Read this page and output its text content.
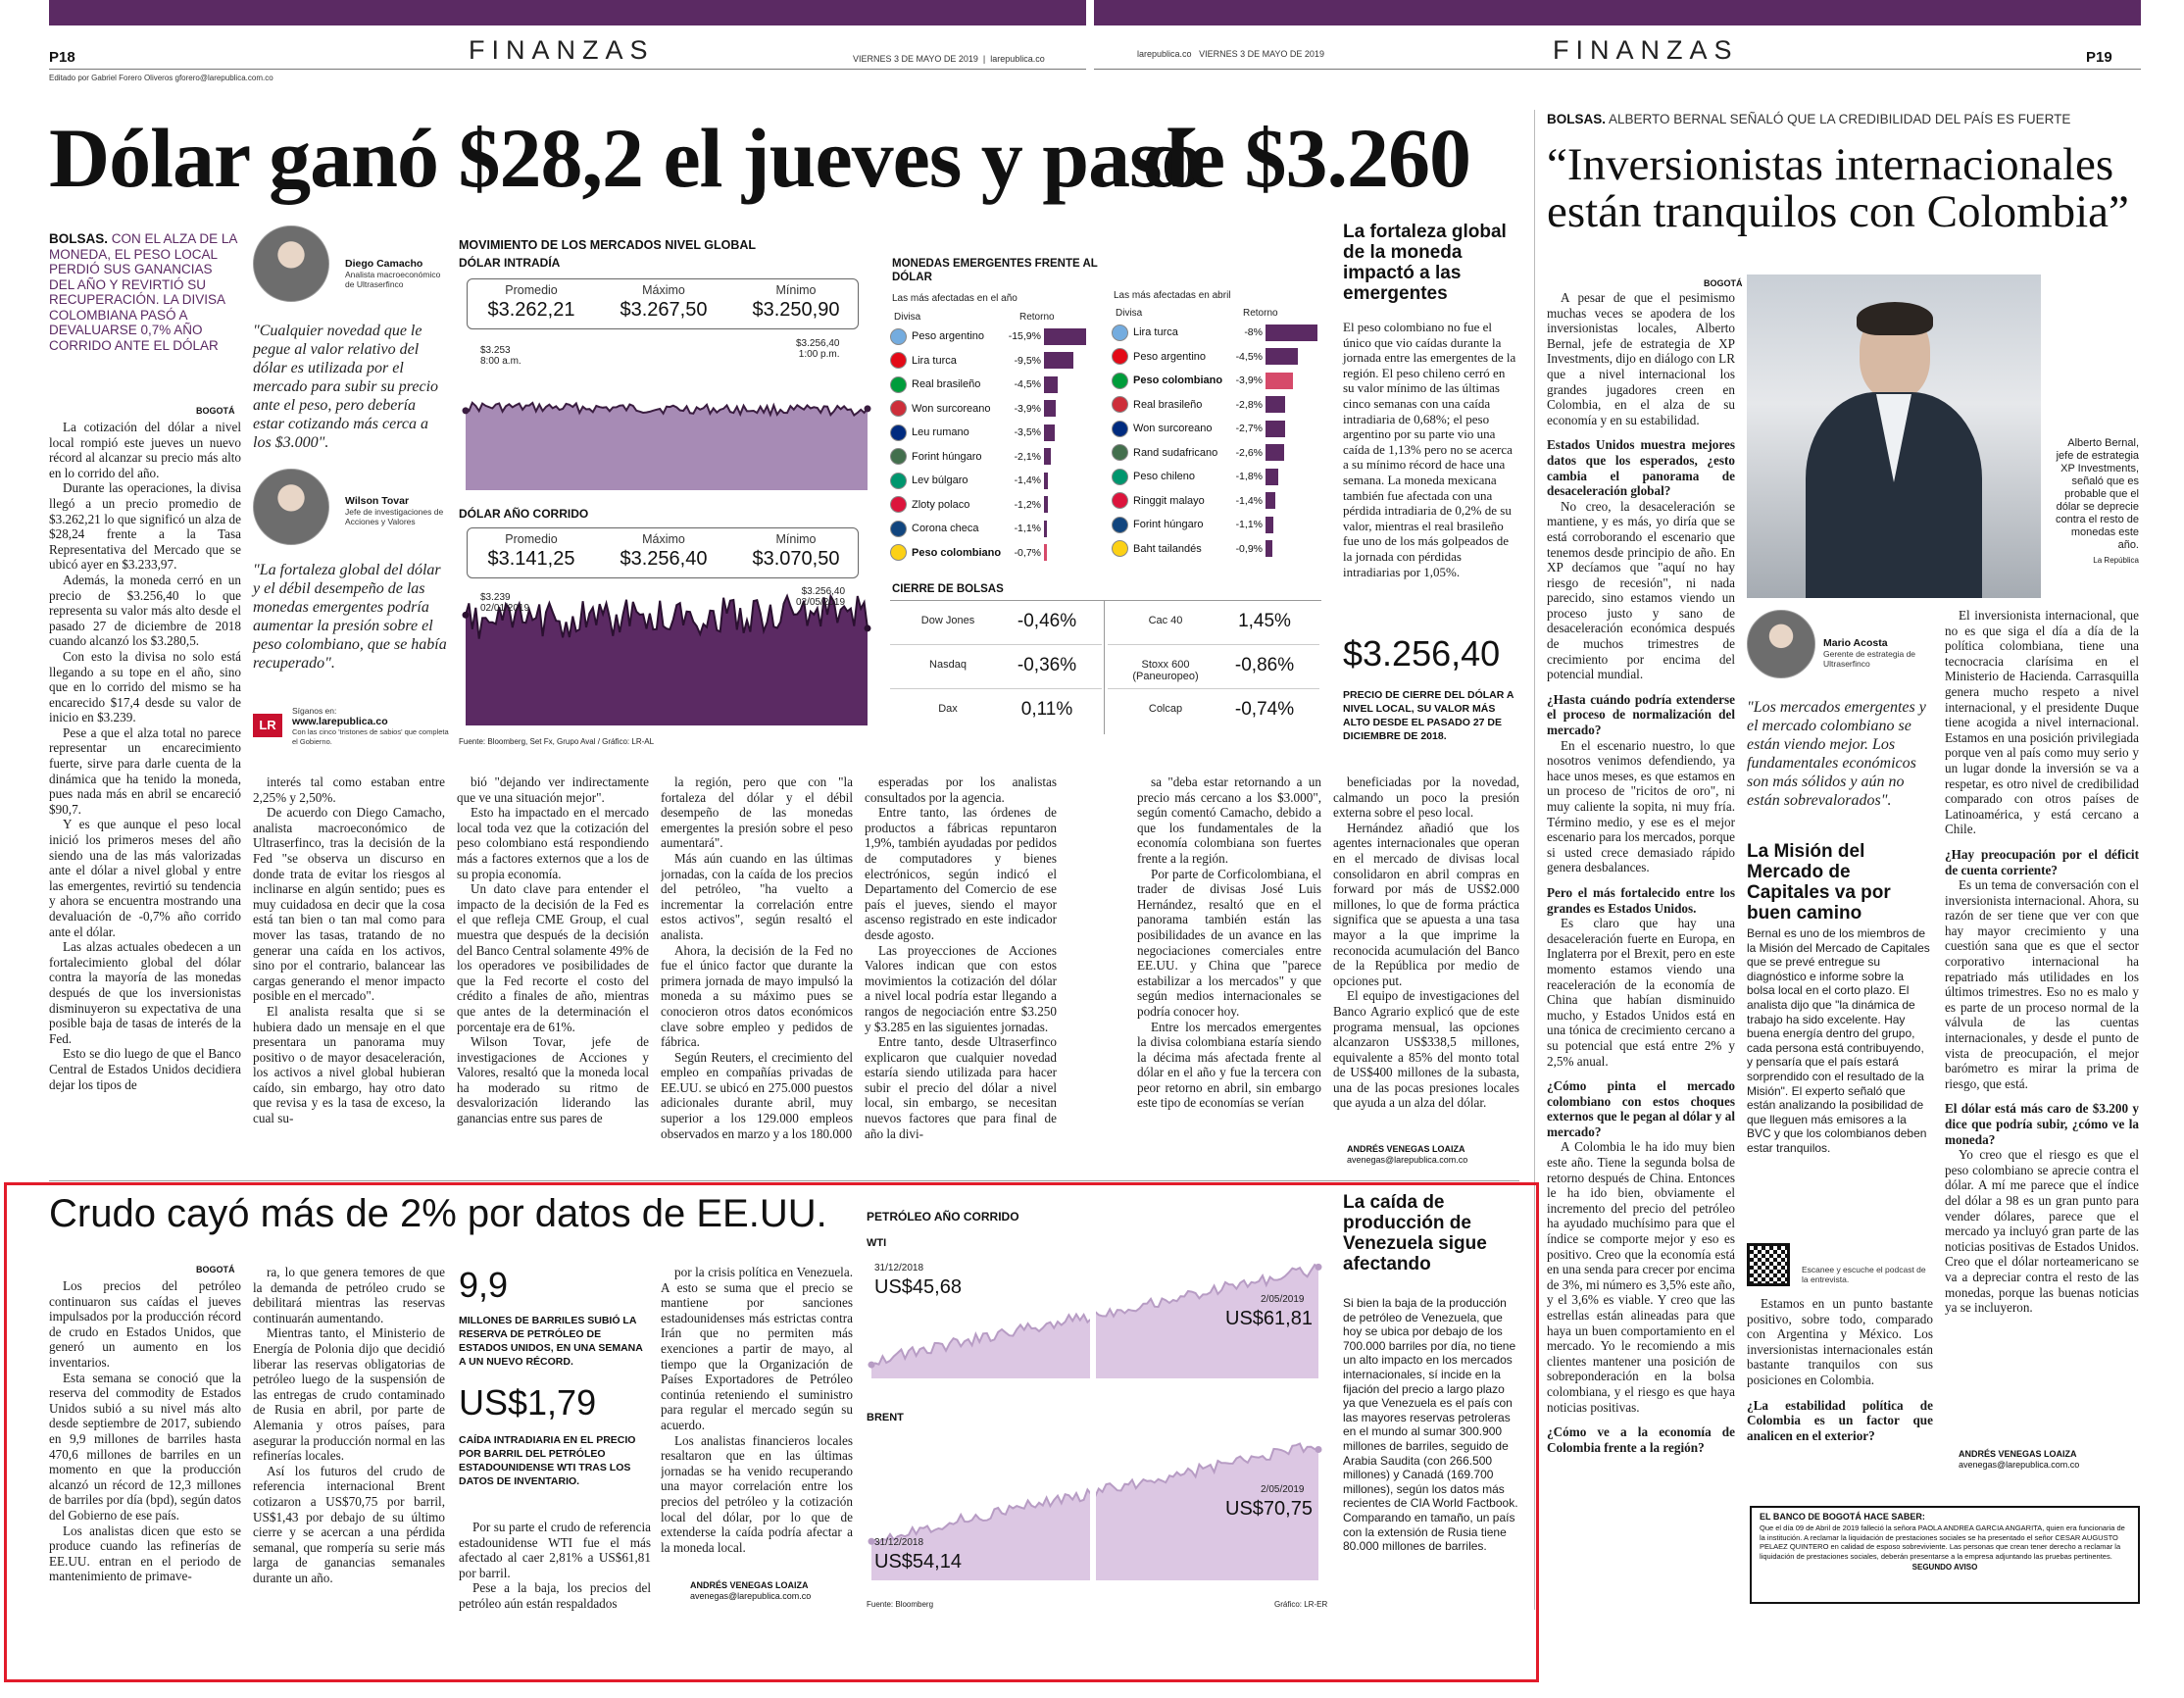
P18	FINANZAS	VIERNES 3 DE MAYO DE 2019  |  larepublica.co
Editado por Gabriel Forero Oliveros gforero@larepublica.com.co
larepublica.co VIERNES 3 DE MAYO DE 2019	FINANZAS	P19
Dólar ganó $28,2 el jueves y pasó
de $3.260
BOLSAS. CON EL ALZA DE LA MONEDA, EL PESO LOCAL PERDIÓ SUS GANANCIAS DEL AÑO Y REVIRTIÓ SU RECUPERACIÓN. LA DIVISA COLOMBIANA PASÓ A DEVALUARSE 0,7% AÑO CORRIDO ANTE EL DÓLAR
Diego Camacho
Analista macroeconómico de Ultraserfinco
"Cualquier novedad que le pegue al valor relativo del dólar es utilizada por el mercado para subir su precio ante el peso, pero debería estar cotizando más cerca a los $3.000".
Wilson Tovar
Jefe de investigaciones de Acciones y Valores
"La fortaleza global del dólar y el débil desempeño de las monedas emergentes podría aumentar la presión sobre el peso colombiano, que se había recuperado".
Síganos en:
LR	www.larepublica.co
Con las cinco 'tristones de sabios' que completa el Gobierno.
BOGOTÁ

La cotización del dólar a nivel local rompió este jueves un nuevo récord al alcanzar su precio más alto en lo corrido del año.

Durante las operaciones, la divisa llegó a un precio promedio de $3.262,21 lo que significó un alza de $28,24 frente a la Tasa Representativa del Mercado que se ubicó ayer en $3.233,97.

Además, la moneda cerró en un precio de $3.256,40 lo que representa su valor más alto desde el pasado 27 de diciembre de 2018 cuando alcanzó los $3.280,5.

Con esto la divisa no solo está llegando a su tope en el año, sino que en lo corrido del mismo se ha encarecido $17,4 desde su valor de inicio en $3.239.

Pese a que el alza total no parece representar un encarecimiento fuerte, sirve para darle cuenta de la dinámica que ha tenido la moneda, pues nada más en abril se encareció $90,7.

Y es que aunque el peso local inició los primeros meses del año siendo una de las más valorizadas ante el dólar a nivel global y entre las emergentes, revirtió su tendencia y ahora se encuentra mostrando una devaluación de -0,7% año corrido ante el dólar.

Las alzas actuales obedecen a un fortalecimiento global del dólar contra la mayoría de las monedas después de que los inversionistas disminuyeron su expectativa de una posible baja de tasas de interés de la Fed.

Esto se dio luego de que el Banco Central de Estados Unidos decidiera dejar los tipos de

interés tal como estaban entre 2,25% y 2,50%.

De acuerdo con Diego Camacho, analista macroeconómico de Ultraserfinco, tras la decisión de la Fed "se observa un discurso en donde trata de evitar los riesgos al inclinarse en algún sentido; pues es muy cuidadosa en decir que la cosa está tan bien o tan mal como para mover las tasas, tratando de no generar una caída en los activos, sino por el contrario, balancear las cargas generando el menor impacto posible en el mercado".

El analista resalta que si se hubiera dado un mensaje en el que presentara un panorama muy positivo o de mayor desaceleración, los activos a nivel global hubieran caído, sin embargo, hay otro dato que revisa y es la tasa de exceso, la cual su-

bió "dejando ver indirectamente que ve una situación mejor".

Esto ha impactado en el mercado local toda vez que la cotización del peso colombiano está respondiendo más a factores externos que a los de su propia economía.

Un dato clave para entender el impacto de la decisión de la Fed es el que refleja CME Group, el cual muestra que después de la decisión del Banco Central solamente 49% de los operadores ve posibilidades de que la Fed recorte el costo del crédito a finales de año, mientras que antes de la determinación el porcentaje era de 61%.

Wilson Tovar, jefe de investigaciones de Acciones y Valores, resaltó que la moneda local ha moderado su ritmo de desvalorización liderando las ganancias entre sus pares de

la región, pero que con "la fortaleza del dólar y el débil desempeño de las monedas emergentes la presión sobre el peso aumentará".

Más aún cuando en las últimas jornadas, con la caída de los precios del petróleo, "ha vuelto a incrementar la correlación entre estos activos", según resaltó el analista.

Ahora, la decisión de la Fed no fue el único factor que durante la primera jornada de mayo impulsó la moneda a su máximo pues se conocieron otros datos económicos clave sobre empleo y pedidos de fábrica.

Según Reuters, el crecimiento del empleo en compañías privadas de EE.UU. se ubicó en 275.000 puestos adicionales durante abril, muy superior a los 129.000 empleos observados en marzo y a los 180.000

esperadas por los analistas consultados por la agencia.

Entre tanto, las órdenes de productos a fábricas repuntaron 1,9%, también ayudadas por pedidos de computadores y bienes electrónicos, según indicó el Departamento del Comercio de ese país el jueves, siendo el mayor ascenso registrado en este indicador desde agosto.

Las proyecciones de Acciones Valores indican que con estos movimientos la cotización del dólar a nivel local podría estar llegando a rangos de negociación entre $3.250 y $3.285 en las siguientes jornadas.

Entre tanto, desde Ultraserfinco explicaron que cualquier novedad estaría siendo utilizada para hacer subir el precio del dólar a nivel local, sin embargo, se necesitan nuevos factores que para final de año la divi-

sa "deba estar retornando a un precio más cercano a los $3.000", según comentó Camacho, debido a que los fundamentales de la economía colombiana son fuertes frente a la región.

Por parte de Corficolombiana, el trader de divisas José Luis Hernández, resaltó que en el panorama también están las posibilidades de un avance en las negociaciones comerciales entre EE.UU. y China que "parece estabilizar a los mercados" y que según medios internacionales se podría conocer hoy.

Entre los mercados emergentes la divisa colombiana estaría siendo la décima más afectada frente al dólar en el año y fue la tercera con peor retorno en abril, sin embargo este tipo de economías se verían

beneficiadas por la novedad, calmando un poco la presión externa sobre el peso local.

Hernández añadió que los agentes internacionales que operan en el mercado de divisas local consolidaron en abril compras en forward por más de US$2.000 millones, lo que de forma práctica significa que se apuesta a una tasa mayor a la que imprime la reconocida acumulación del Banco de la República por medio de opciones put.

El equipo de investigaciones del Banco Agrario explicó que de este programa mensual, las opciones alcanzaron US$338,5 millones, equivalente a 85% del monto total de US$400 millones de la subasta, una de las pocas presiones locales que ayuda a un alza del dólar.

ANDRÉS VENEGAS LOAIZA
avenegas@larepublica.com.co
MOVIMIENTO DE LOS MERCADOS NIVEL GLOBAL
DÓLAR INTRADÍA
Promedio	Máximo	Mínimo
$3.262,21	$3.267,50	$3.250,90
$3.253
8:00 a.m.
$3.256,40
1:00 p.m.
DÓLAR AÑO CORRIDO
Promedio	Máximo	Mínimo
$3.141,25	$3.256,40	$3.070,50
$3.239
02/01/2019
$3.256,40
02/05/2019
Fuente: Bloomberg, Set Fx, Grupo Aval / Gráfico: LR-AL
MONEDAS EMERGENTES FRENTE AL DÓLAR
Las más afectadas en el año	Las más afectadas en abril
Divisa	Retorno	Divisa	Retorno
Peso argentino	-15,9%
Lira turca	-9,5%
Real brasileño	-4,5%
Won surcoreano	-3,9%
Leu rumano	-3,5%
Forint húngaro	-2,1%
Lev búlgaro	-1,4%
Zloty polaco	-1,2%
Corona checa	-1,1%
Peso colombiano	-0,7%
Lira turca	-8%
Peso argentino	-4,5%
Peso colombiano	-3,9%
Real brasileño	-2,8%
Won surcoreano	-2,7%
Rand sudafricano	-2,6%
Peso chileno	-1,8%
Ringgit malayo	-1,4%
Forint húngaro	-1,1%
Baht tailandés	-0,9%
CIERRE DE BOLSAS
Dow Jones	-0,46%
Nasdaq	-0,36%
Dax	0,11%
Cac 40	1,45%
Stoxx 600 (Paneuropeo)
-0,86%
Colcap	-0,74%
La fortaleza global de la moneda impactó a las emergentes

El peso colombiano no fue el único que vio caídas durante la jornada entre las emergentes de la región. El peso chileno cerró en su valor mínimo de las últimas cinco semanas con una caída intradiaria de 0,68%; el peso argentino por su parte vio una caída de 1,13% pero no se acerca a su mínimo récord de hace una semana. La moneda mexicana también fue afectada con una pérdida intradiaria de 0,2% de su valor, mientras el real brasileño fue uno de los más golpeados de la jornada con pérdidas intradiarias por 1,05%.

$3.256,40
PRECIO DE CIERRE DEL DÓLAR A NIVEL LOCAL, SU VALOR MÁS ALTO DESDE EL PASADO 27 DE DICIEMBRE DE 2018.
BOLSAS. ALBERTO BERNAL SEÑALÓ QUE LA CREDIBILIDAD DEL PAÍS ES FUERTE
“Inversionistas internacionales están tranquilos con Colombia”
BOGOTÁ

A pesar de que el pesimismo muchas veces se apodera de los inversionistas locales, Alberto Bernal, jefe de estrategia de XP Investments, dijo en diálogo con LR que a nivel internacional los grandes jugadores creen en Colombia, en el alza de su economía y en su estabilidad.

Estados Unidos muestra mejores datos que los esperados, ¿esto cambia el panorama de desaceleración global?

No creo, la desaceleración se mantiene, y es más, yo diría que se está corroborando el escenario que tenemos desde principio de año. En XP decíamos que "aquí no hay riesgo de recesión", ni nada parecido, sino estamos viendo un proceso justo y sano de desaceleración económica después de muchos trimestres de crecimiento por encima del potencial mundial.

¿Hasta cuándo podría extenderse el proceso de normalización del mercado?

En el escenario nuestro, lo que nosotros venimos defendiendo, ya hace unos meses, es que estamos en un proceso de "ricitos de oro", ni muy caliente la sopita, ni muy fría. Término medio, y ese es el mejor escenario para los mercados, porque si usted crece demasiado rápido genera desbalances.

Pero el más fortalecido entre los grandes es Estados Unidos.

Es claro que hay una desaceleración fuerte en Europa, en Inglaterra por el Brexit, pero en este momento estamos viendo una reaceleración de la economía de China que habían disminuido mucho, y Estados Unidos está en una tónica de crecimiento cercano a su potencial que está entre 2% y 2,5% anual.

¿Cómo pinta el mercado colombiano con estos choques externos que le pegan al dólar y al mercado?

A Colombia le ha ido muy bien este año. Tiene la segunda bolsa de retorno después de China. Entonces le ha ido bien, obviamente el incremento del precio del petróleo ha ayudado muchísimo para que el índice se comporte mejor y eso es positivo. Creo que la economía está en una senda para crecer por encima de 3%, mi número es 3,5% este año, y el 3,6% es viable. Y creo que las estrellas están alineadas para que haya un buen comportamiento en el mercado. Yo le recomiendo a mis clientes mantener una posición de sobreponderación en la bolsa colombiana, y el riesgo es que haya noticias positivas.

¿Cómo ve a la economía de Colombia frente a la región?

Alberto Bernal, jefe de estrategia XP Investments, señaló que es probable que el dólar se deprecie contra el resto de monedas este año.

La República

Mario Acosta
Gerente de estrategia de Ultraserfinco
"Los mercados emergentes y el mercado colombiano se están viendo mejor. Los fundamentales económicos son más sólidos y aún no están sobrevalorados".
La Misión del Mercado de Capitales va por buen camino

Bernal es uno de los miembros de la Misión del Mercado de Capitales que se prevé entregue su diagnóstico e informe sobre la bolsa local en el corto plazo. El analista dijo que "la dinámica de trabajo ha sido excelente. Hay buena energía dentro del grupo, cada persona está contribuyendo, y pensaría que el país estará sorprendido con el resultado de la Misión". El experto señaló que están analizando la posibilidad de que lleguen más emisores a la BVC y que los colombianos deben estar tranquilos.

Escanee y escuche el podcast de la entrevista.

Estamos en un punto bastante positivo, sobre todo, comparado con Argentina y México. Los inversionistas internacionales están bastante tranquilos con sus posiciones en Colombia.

¿La estabilidad política de Colombia es un factor que analicen en el exterior?

El inversionista internacional, que no es que siga el día a día de la política colombiana, tiene una tecnocracia clarísima en el Ministerio de Hacienda. Carrasquilla genera mucho respeto a nivel internacional, y el presidente Duque tiene acogida a nivel internacional. Estamos en una posición privilegiada porque ven al país como muy serio y un lugar donde la inversión se va a respetar, es otro nivel de credibilidad comparado con otros países de Latinoamérica, y está cercano a Chile.

¿Hay preocupación por el déficit de cuenta corriente?

Es un tema de conversación con el inversionista internacional. Ahora, su razón de ser tiene que ver con que hay mayor crecimiento y una cuestión sana que es que el sector corporativo internacional ha repatriado más utilidades en los últimos trimestres. Eso no es malo y es parte de un proceso normal de la válvula de las cuentas internacionales, y desde el punto de vista de preocupación, el mejor barómetro es mirar la prima de riesgo, que está.

El dólar está más caro de $3.200 y dice que podría subir, ¿cómo ve la moneda?

Yo creo que el riesgo es que el peso colombiano se aprecie contra el dólar. A mí me parece que el índice del dólar a 98 es un gran punto para vender dólares, parece que el mercado ya incluyó gran parte de las noticias positivas de Estados Unidos. Creo que el dólar norteamericano se va a depreciar contra el resto de las monedas, porque las buenas noticias ya se incluyeron.

ANDRÉS VENEGAS LOAIZA
avenegas@larepublica.com.co
EL BANCO DE BOGOTÁ HACE SABER:
Que el día 09 de Abril de 2019 falleció la señora PAOLA ANDREA GARCIA ANGARITA, quien era funcionaria de la institución. A reclamar la liquidación de prestaciones sociales se ha presentado el señor CESAR AUGUSTO PELAEZ QUINTERO en calidad de esposo sobreviviente. Las personas que crean tener derecho a reclamar la liquidación de prestaciones sociales, deberán presentarse a la empresa adjuntando las pruebas pertinentes.
SEGUNDO AVISO
Crudo cayó más de 2% por datos de EE.UU.
BOGOTÁ

Los precios del petróleo continuaron sus caídas el jueves impulsados por la producción récord de crudo en Estados Unidos, que generó un aumento en los inventarios.

Esta semana se conoció que la reserva del commodity de Estados Unidos subió a su nivel más alto desde septiembre de 2017, subiendo en 9,9 millones de barriles hasta 470,6 millones de barriles en un momento en que la producción alcanzó un récord de 12,3 millones de barriles por día (bpd), según datos del Gobierno de ese país.

Los analistas dicen que esto se produce cuando las refinerías de EE.UU. entran en el periodo de mantenimiento de primave-

ra, lo que genera temores de que la demanda de petróleo crudo se debilitará mientras las reservas continuarán aumentando.

Mientras tanto, el Ministerio de Energía de Polonia dijo que decidió liberar las reservas obligatorias de petróleo luego de la suspensión de las entregas de crudo contaminado de Rusia en abril, por parte de Alemania y otros países, para asegurar la producción normal en las refinerías locales.

Así los futuros del crudo de referencia internacional Brent cotizaron a US$70,75 por barril, US$1,43 por debajo de su último cierre y se acercan a una pérdida semanal, que rompería su serie más larga de ganancias semanales durante un año.

9,9
MILLONES DE BARRILES SUBIÓ LA RESERVA DE PETRÓLEO DE ESTADOS UNIDOS, EN UNA SEMANA A UN NUEVO RÉCORD.
US$1,79
CAÍDA INTRADIARIA EN EL PRECIO POR BARRIL DEL PETRÓLEO ESTADOUNIDENSE WTI TRAS LOS DATOS DE INVENTARIO.

Por su parte el crudo de referencia estadounidense WTI fue el más afectado al caer 2,81% a US$61,81 por barril.

Pese a la baja, los precios del petróleo aún están respaldados

por la crisis política en Venezuela. A esto se suma que el precio se mantiene por sanciones estadounidenses más estrictas contra Irán que no permiten más exenciones a partir de mayo, al tiempo que la Organización de Países Exportadores de Petróleo continúa reteniendo el suministro para regular el mercado según su acuerdo.

Los analistas financieros locales resaltaron que en las últimas jornadas se ha venido recuperando una mayor correlación entre los precios del petróleo y la cotización local del dólar, por lo que de extenderse la caída podría afectar a la moneda local.

ANDRÉS VENEGAS LOAIZA
avenegas@larepublica.com.co
PETRÓLEO AÑO CORRIDO
WTI
31/12/2018
US$45,68
2/05/2019
US$61,81
BRENT
31/12/2018
US$54,14
2/05/2019
US$70,75
Fuente: Bloomberg	Gráfico: LR-ER
La caída de producción de Venezuela sigue afectando

Si bien la baja de la producción de petróleo de Venezuela, que hoy se ubica por debajo de los 700.000 barriles por día, no tiene un alto impacto en los mercados internacionales, sí incide en la fijación del precio a largo plazo ya que Venezuela es el país con las mayores reservas petroleras en el mundo al sumar 300.900 millones de barriles, seguido de Arabia Saudita (con 266.500 millones) y Canadá (169.700 millones), según los datos más recientes de CIA World Factbook. Comparando en tamaño, un país con la extensión de Rusia tiene 80.000 millones de barriles.
